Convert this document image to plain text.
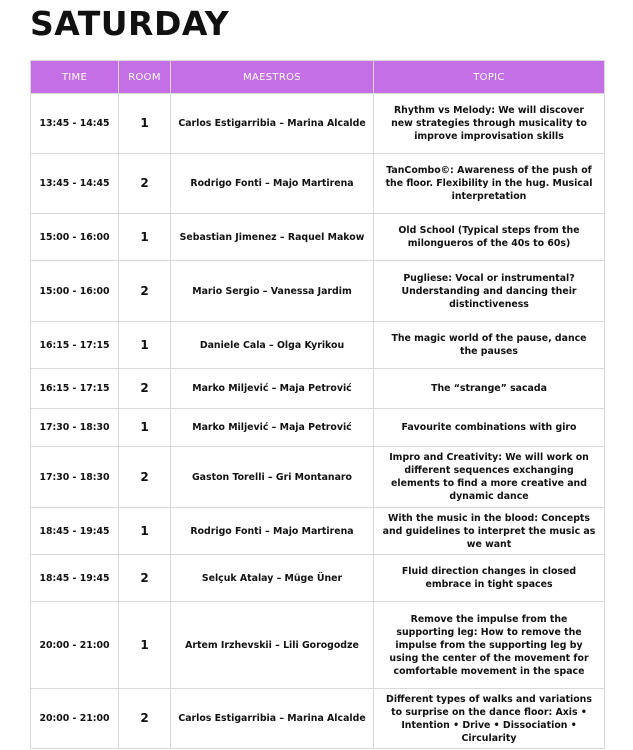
SATURDAY
TIME	ROOM	MAESTROS	TOPIC
13:45 - 14:45	1	Carlos Estigarribia – Marina Alcalde	Rhythm vs Melody: We will discover new strategies through musicality to improve improvisation skills
13:45 - 14:45	2	Rodrigo Fonti – Majo Martirena	TanCombo©: Awareness of the push of the floor. Flexibility in the hug. Musical interpretation
15:00 - 16:00	1	Sebastian Jimenez – Raquel Makow	Old School (Typical steps from the milongueros of the 40s to 60s)
15:00 - 16:00	2	Mario Sergio – Vanessa Jardim	Pugliese: Vocal or instrumental? Understanding and dancing their distinctiveness
16:15 - 17:15	1	Daniele Cala – Olga Kyrikou	The magic world of the pause, dance the pauses
16:15 - 17:15	2	Marko Miljević – Maja Petrović	The “strange” sacada
17:30 - 18:30	1	Marko Miljević – Maja Petrović	Favourite combinations with giro
17:30 - 18:30	2	Gaston Torelli – Gri Montanaro	Impro and Creativity: We will work on different sequences exchanging elements to find a more creative and dynamic dance
18:45 - 19:45	1	Rodrigo Fonti – Majo Martirena	With the music in the blood: Concepts and guidelines to interpret the music as we want
18:45 - 19:45	2	Selçuk Atalay – Müge Üner	Fluid direction changes in closed embrace in tight spaces
20:00 - 21:00	1	Artem Irzhevskii – Lili Gorogodze	Remove the impulse from the supporting leg: How to remove the impulse from the supporting leg by using the center of the movement for comfortable movement in the space
20:00 - 21:00	2	Carlos Estigarribia – Marina Alcalde	Different types of walks and variations to surprise on the dance floor: Axis • Intention • Drive • Dissociation • Circularity
